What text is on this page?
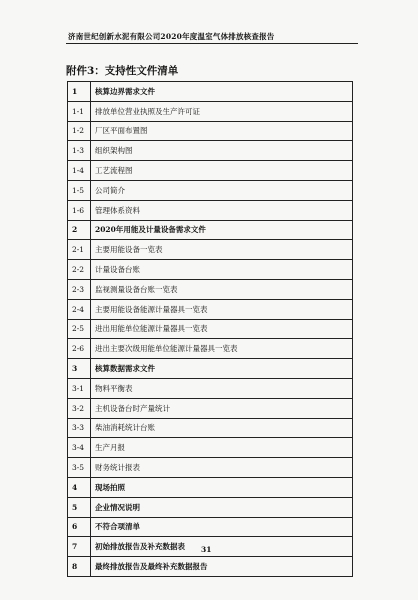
济南世纪创新水泥有限公司2020年度温室气体排放核查报告
附件3：支持性文件清单
1	核算边界需求文件
1-1	排放单位营业执照及生产许可证
1-2	厂区平面布置图
1-3	组织架构图
1-4	工艺流程图
1-5	公司简介
1-6	管理体系资料
2	2020年用能及计量设备需求文件
2-1	主要用能设备一览表
2-2	计量设备台账
2-3	监视测量设备台账一览表
2-4	主要用能设备能源计量器具一览表
2-5	进出用能单位能源计量器具一览表
2-6	进出主要次级用能单位能源计量器具一览表
3	核算数据需求文件
3-1	物料平衡表
3-2	主机设备台时产量统计
3-3	柴油消耗统计台账
3-4	生产月报
3-5	财务统计报表
4	现场拍照
5	企业情况说明
6	不符合项清单
7	初始排放报告及补充数据表
8	最终排放报告及最终补充数据报告
31
